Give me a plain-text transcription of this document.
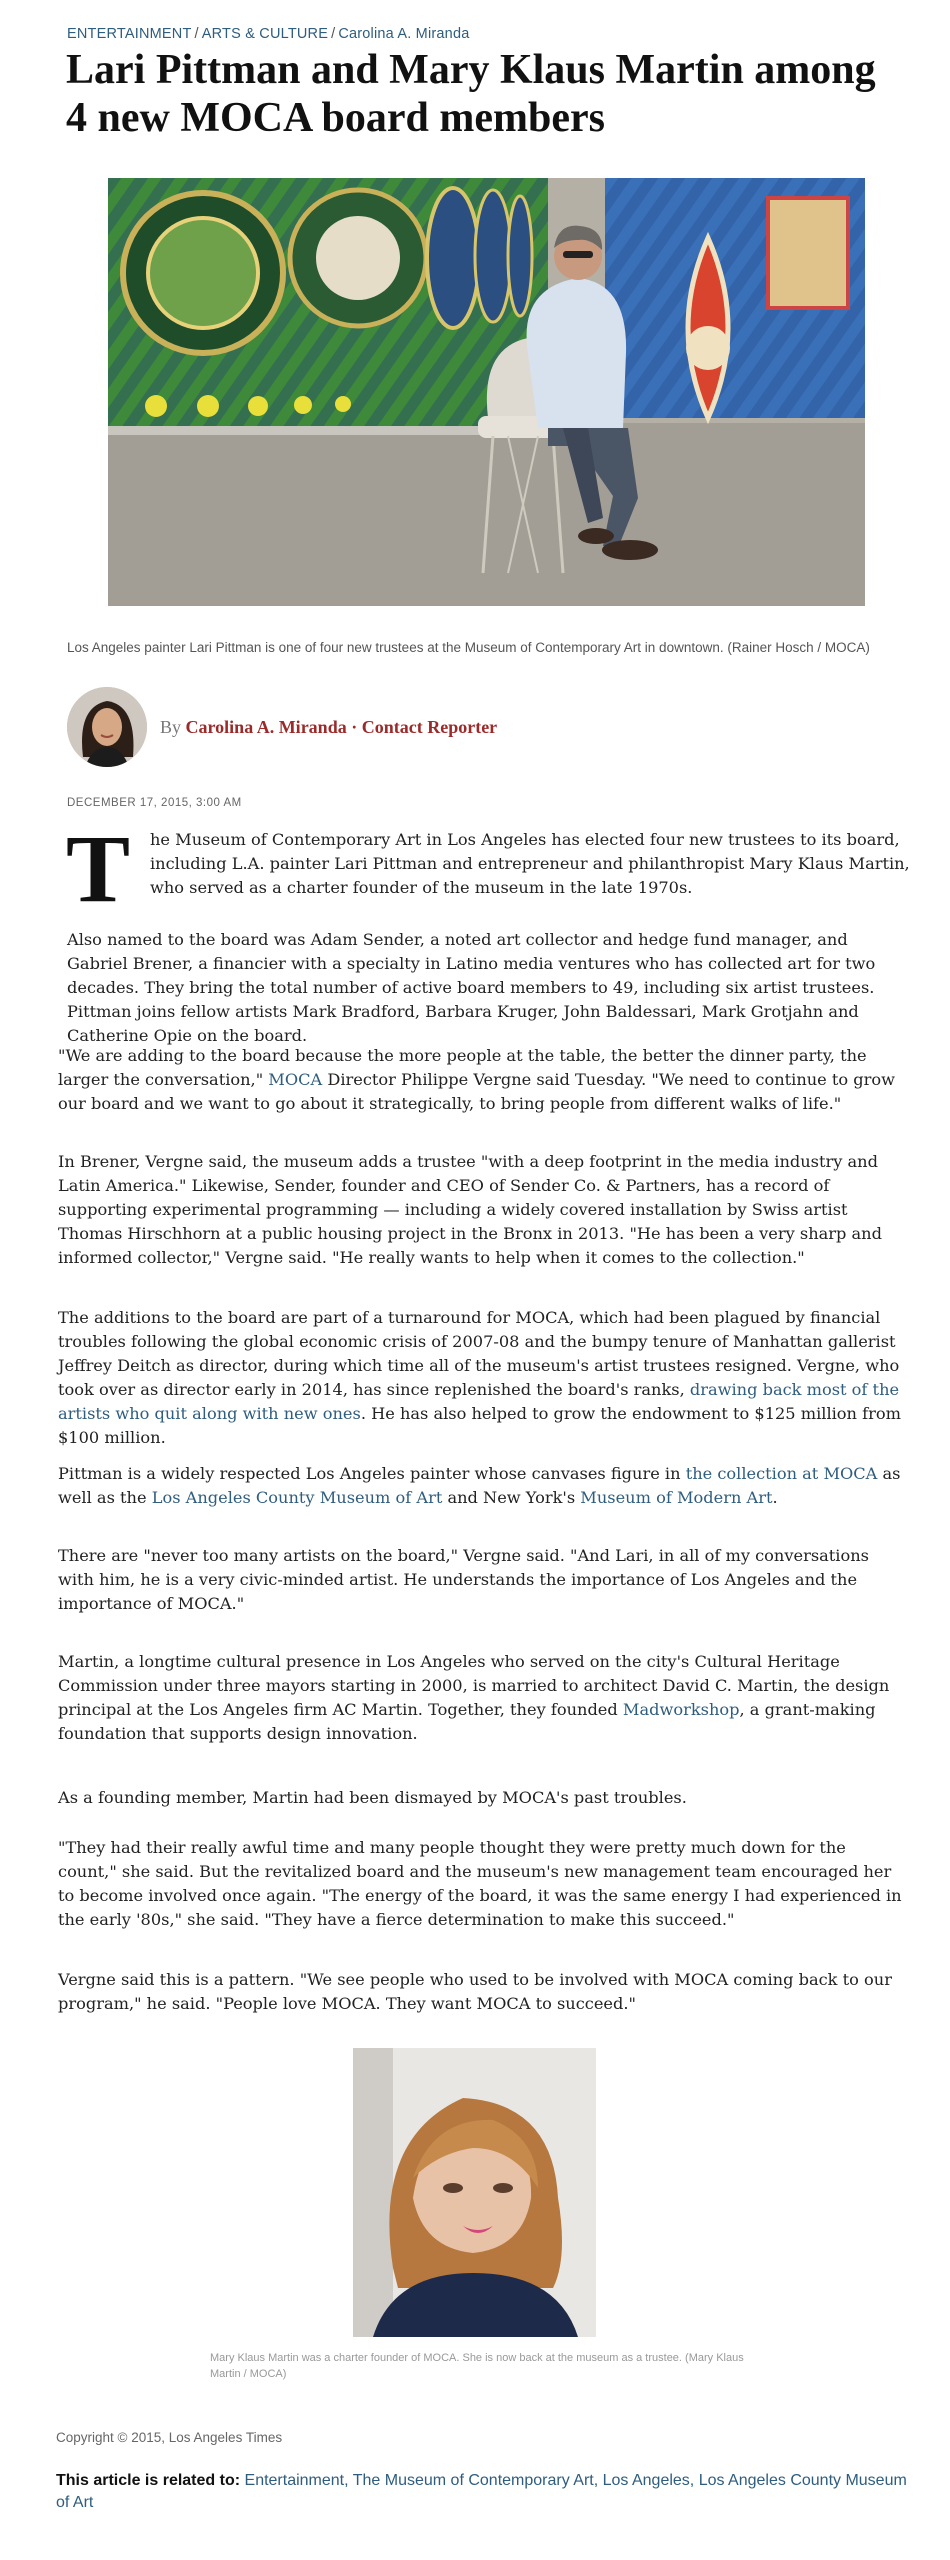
ENTERTAINMENT / ARTS & CULTURE / Carolina A. Miranda
Lari Pittman and Mary Klaus Martin among 4 new MOCA board members

Los Angeles painter Lari Pittman is one of four new trustees at the Museum of Contemporary Art in downtown. (Rainer Hosch / MOCA)

By Carolina A. Miranda · Contact Reporter
DECEMBER 17, 2015, 3:00 AM
T he Museum of Contemporary Art in Los Angeles has elected four new trustees to its board, including L.A. painter Lari Pittman and entrepreneur and philanthropist Mary Klaus Martin, who served as a charter founder of the museum in the late 1970s.

Also named to the board was Adam Sender, a noted art collector and hedge fund manager, and Gabriel Brener, a financier with a specialty in Latino media ventures who has collected art for two decades. They bring the total number of active board members to 49, including six artist trustees. Pittman joins fellow artists Mark Bradford, Barbara Kruger, John Baldessari, Mark Grotjahn and Catherine Opie on the board.

"We are adding to the board because the more people at the table, the better the dinner party, the larger the conversation," MOCA Director Philippe Vergne said Tuesday. "We need to continue to grow our board and we want to go about it strategically, to bring people from different walks of life."

In Brener, Vergne said, the museum adds a trustee "with a deep footprint in the media industry and Latin America." Likewise, Sender, founder and CEO of Sender Co. & Partners, has a record of supporting experimental programming — including a widely covered installation by Swiss artist Thomas Hirschhorn at a public housing project in the Bronx in 2013. "He has been a very sharp and informed collector," Vergne said. "He really wants to help when it comes to the collection."

The additions to the board are part of a turnaround for MOCA, which had been plagued by financial troubles following the global economic crisis of 2007-08 and the bumpy tenure of Manhattan gallerist Jeffrey Deitch as director, during which time all of the museum's artist trustees resigned. Vergne, who took over as director early in 2014, has since replenished the board's ranks, drawing back most of the artists who quit along with new ones. He has also helped to grow the endowment to $125 million from $100 million.

Pittman is a widely respected Los Angeles painter whose canvases figure in the collection at MOCA as well as the Los Angeles County Museum of Art and New York's Museum of Modern Art.

There are "never too many artists on the board," Vergne said. "And Lari, in all of my conversations with him, he is a very civic-minded artist. He understands the importance of Los Angeles and the importance of MOCA."

Martin, a longtime cultural presence in Los Angeles who served on the city's Cultural Heritage Commission under three mayors starting in 2000, is married to architect David C. Martin, the design principal at the Los Angeles firm AC Martin. Together, they founded Madworkshop, a grant-making foundation that supports design innovation.

As a founding member, Martin had been dismayed by MOCA's past troubles.

"They had their really awful time and many people thought they were pretty much down for the count," she said. But the revitalized board and the museum's new management team encouraged her to become involved once again. "The energy of the board, it was the same energy I had experienced in the early '80s," she said. "They have a fierce determination to make this succeed."

Vergne said this is a pattern. "We see people who used to be involved with MOCA coming back to our program," he said. "People love MOCA. They want MOCA to succeed."

Mary Klaus Martin was a charter founder of MOCA. She is now back at the museum as a trustee. (Mary Klaus Martin / MOCA)

Copyright © 2015, Los Angeles Times
This article is related to: Entertainment, The Museum of Contemporary Art, Los Angeles, Los Angeles County Museum of Art
